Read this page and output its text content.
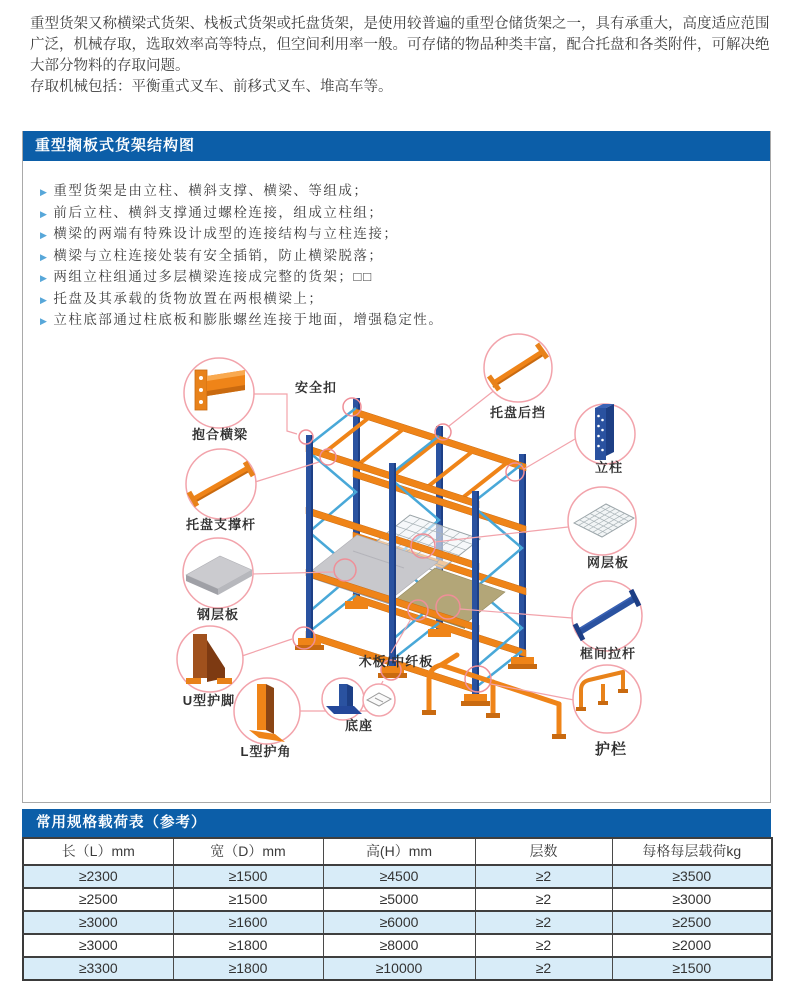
重型货架又称横梁式货架、栈板式货架或托盘货架，是使用较普遍的重型仓储货架之一，具有承重大，高度适应范围广泛，机械存取，选取效率高等特点，但空间利用率一般。可存储的物品种类丰富，配合托盘和各类附件，可解决绝大部分物料的存取问题。

存取机械包括：平衡重式叉车、前移式叉车、堆高车等。

重型搁板式货架结构图
▶ 重型货架是由立柱、横斜支撑、横梁、等组成；
▶ 前后立柱、横斜支撑通过螺栓连接，组成立柱组；
▶ 横梁的两端有特殊设计成型的连接结构与立柱连接；
▶ 横梁与立柱连接处装有安全插销，防止横梁脱落；
▶ 两组立柱组通过多层横梁连接成完整的货架；□□
▶ 托盘及其承载的货物放置在两根横梁上；
▶ 立柱底部通过柱底板和膨胀螺丝连接于地面，增强稳定性。
抱合横梁
安全扣
托盘支撑杆
钢层板
U型护脚
L型护角
木板/中纤板
底座
托盘后挡
立柱
网层板
框间拉杆
护栏
常用规格载荷表（参考）
长（L）mm	宽（D）mm	高(H）mm	层数	每格每层载荷kg
≥2300	≥1500	≥4500	≥2	≥3500
≥2500	≥1500	≥5000	≥2	≥3000
≥3000	≥1600	≥6000	≥2	≥2500
≥3000	≥1800	≥8000	≥2	≥2000
≥3300	≥1800	≥10000	≥2	≥1500
